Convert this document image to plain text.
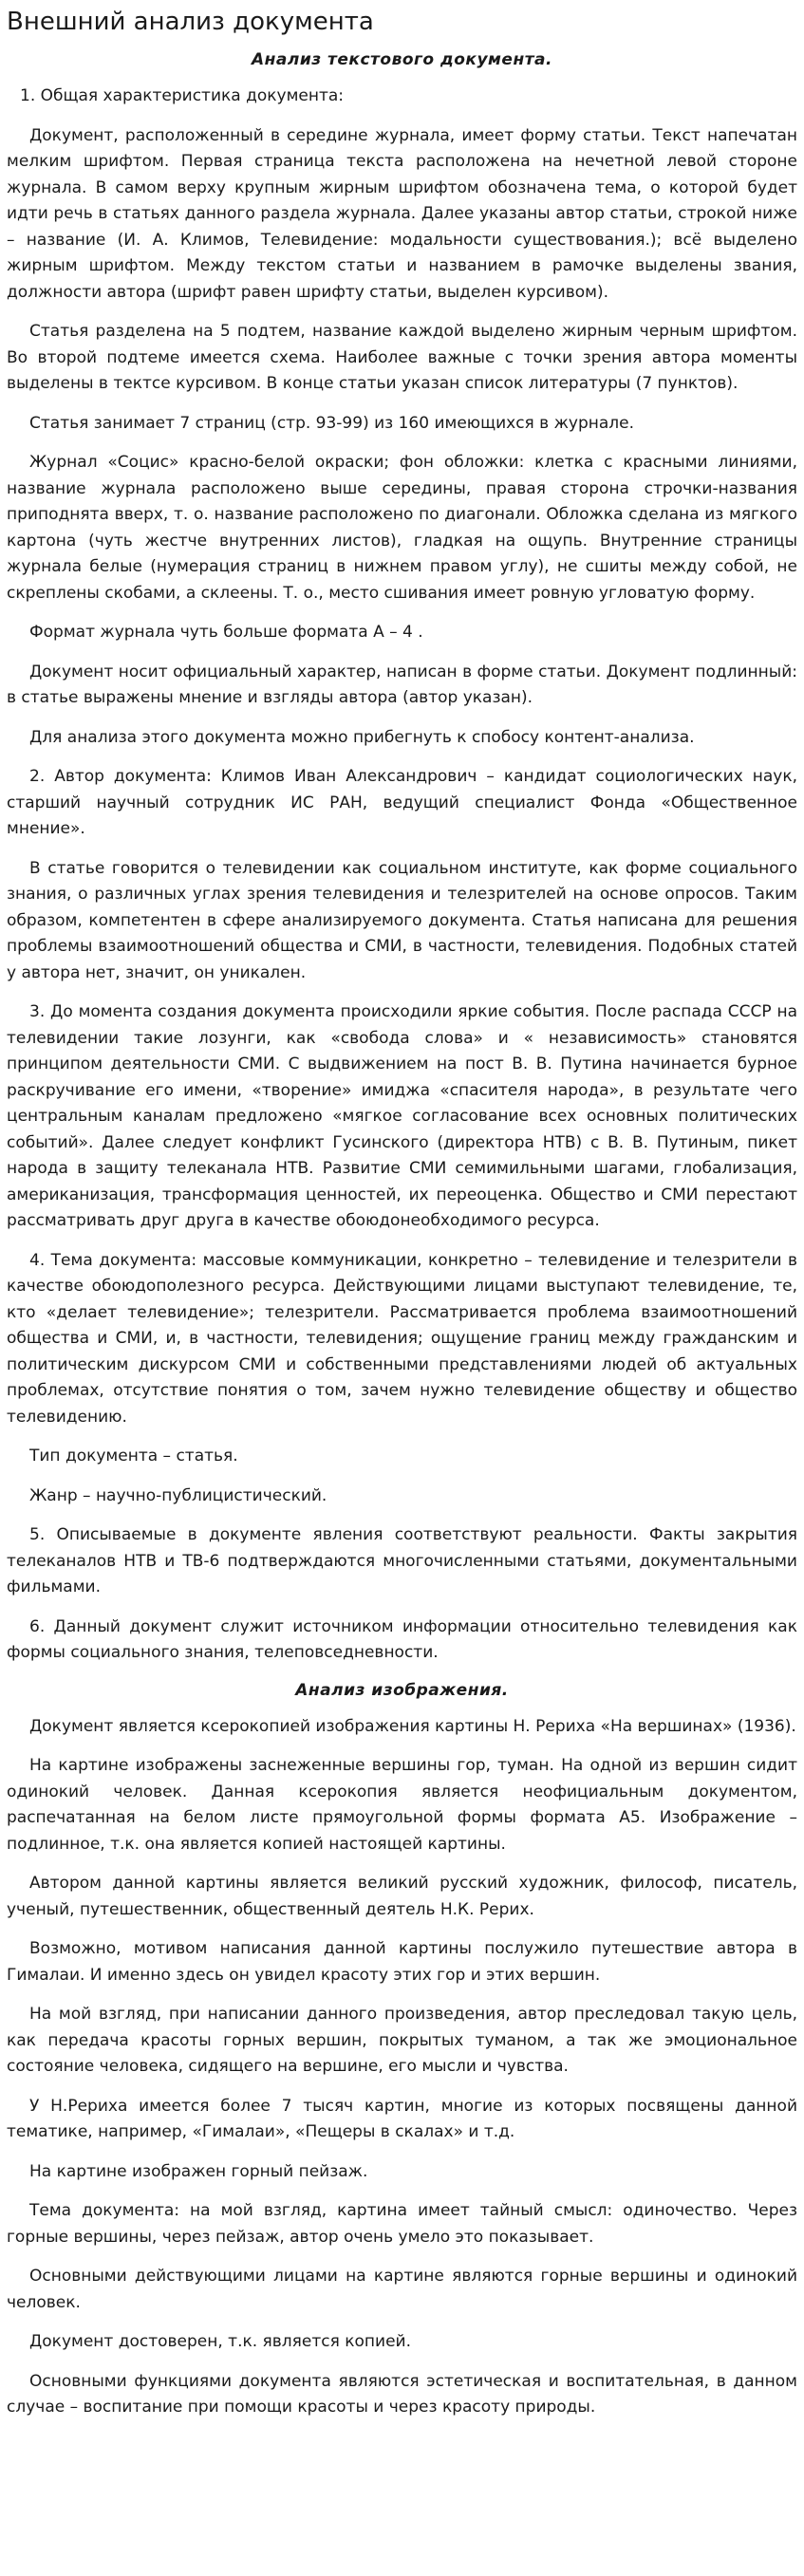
Внешний анализ документа
Анализ текстового документа.
1. Общая характеристика документа:

Документ, расположенный в середине журнала, имеет форму статьи. Текст напечатан мелким шрифтом. Первая страница текста расположена на нечетной левой стороне журнала. В самом верху крупным жирным шрифтом обозначена тема, о которой будет идти речь в статьях данного раздела журнала. Далее указаны автор статьи, строкой ниже – название (И. А. Климов, Телевидение: модальности существования.); всё выделено жирным шрифтом. Между текстом статьи и названием в рамочке выделены звания, должности автора (шрифт равен шрифту статьи, выделен курсивом).

Статья разделена на 5 подтем, название каждой выделено жирным черным шрифтом. Во второй подтеме имеется схема. Наиболее важные с точки зрения автора моменты выделены в тектсе курсивом. В конце статьи указан список литературы (7 пунктов).

Статья занимает 7 страниц (стр. 93-99) из 160 имеющихся в журнале.

Журнал «Социс» красно-белой окраски; фон обложки: клетка с красными линиями, название журнала расположено выше середины, правая сторона строчки-названия приподнята вверх, т. о. название расположено по диагонали. Обложка сделана из мягкого картона (чуть жестче внутренних листов), гладкая на ощупь. Внутренние страницы журнала белые (нумерация страниц в нижнем правом углу), не сшиты между собой, не скреплены скобами, а склеены. Т. о., место сшивания имеет ровную угловатую форму.

Формат журнала чуть больше формата А – 4 .

Документ носит официальный характер, написан в форме статьи. Документ подлинный: в статье выражены мнение и взгляды автора (автор указан).

Для анализа этого документа можно прибегнуть к спобосу контент-анализа.

2. Автор документа: Климов Иван Александрович – кандидат социологических наук, старший научный сотрудник ИС РАН, ведущий специалист Фонда «Общественное мнение».

В статье говорится о телевидении как социальном институте, как форме социального знания, о различных углах зрения телевидения и телезрителей на основе опросов. Таким образом, компетентен в сфере анализируемого документа. Статья написана для решения проблемы взаимоотношений общества и СМИ, в частности, телевидения. Подобных статей у автора нет, значит, он уникален.

3. До момента создания документа происходили яркие события. После распада СССР на телевидении такие лозунги, как «свобода слова» и « независимость» становятся принципом деятельности СМИ. С выдвижением на пост В. В. Путина начинается бурное раскручивание его имени, «творение» имиджа «спасителя народа», в результате чего центральным каналам предложено «мягкое согласование всех основных политических событий». Далее следует конфликт Гусинского (директора НТВ) с В. В. Путиным, пикет народа в защиту телеканала НТВ. Развитие СМИ семимильными шагами, глобализация, американизация, трансформация ценностей, их переоценка. Общество и СМИ перестают рассматривать друг друга в качестве обоюдонеобходимого ресурса.

4. Тема документа: массовые коммуникации, конкретно – телевидение и телезрители в качестве обоюдополезного ресурса. Действующими лицами выступают телевидение, те, кто «делает телевидение»; телезрители. Рассматривается проблема взаимоотношений общества и СМИ, и, в частности, телевидения; ощущение границ между гражданским и политическим дискурсом СМИ и собственными представлениями людей об актуальных проблемах, отсутствие понятия о том, зачем нужно телевидение обществу и общество телевидению.

Тип документа – статья.

Жанр – научно-публицистический.

5. Описываемые в документе явления соответствуют реальности. Факты закрытия телеканалов НТВ и ТВ-6 подтверждаются многочисленными статьями, документальными фильмами.

6. Данный документ служит источником информации относительно телевидения как формы социального знания, телеповседневности.

Анализ изображения.

Документ является ксерокопией изображения картины Н. Рериха «На вершинах» (1936).

На картине изображены заснеженные вершины гор, туман. На одной из вершин сидит одинокий человек. Данная ксерокопия является неофициальным документом, распечатанная на белом листе прямоугольной формы формата А5. Изображение – подлинное, т.к. она является копией настоящей картины.

Автором данной картины является великий русский художник, философ, писатель, ученый, путешественник, общественный деятель Н.К. Рерих.

Возможно, мотивом написания данной картины послужило путешествие автора в Гималаи. И именно здесь он увидел красоту этих гор и этих вершин.

На мой взгляд, при написании данного произведения, автор преследовал такую цель, как передача красоты горных вершин, покрытых туманом, а так же эмоциональное состояние человека, сидящего на вершине, его мысли и чувства.

У Н.Рериха имеется более 7 тысяч картин, многие из которых посвящены данной тематике, например, «Гималаи», «Пещеры в скалах» и т.д.

На картине изображен горный пейзаж.

Тема документа: на мой взгляд, картина имеет тайный смысл: одиночество. Через горные вершины, через пейзаж, автор очень умело это показывает.

Основными действующими лицами на картине являются горные вершины и одинокий человек.

Документ достоверен, т.к. является копией.

Основными функциями документа являются эстетическая и воспитательная, в данном случае – воспитание при помощи красоты и через красоту природы.
